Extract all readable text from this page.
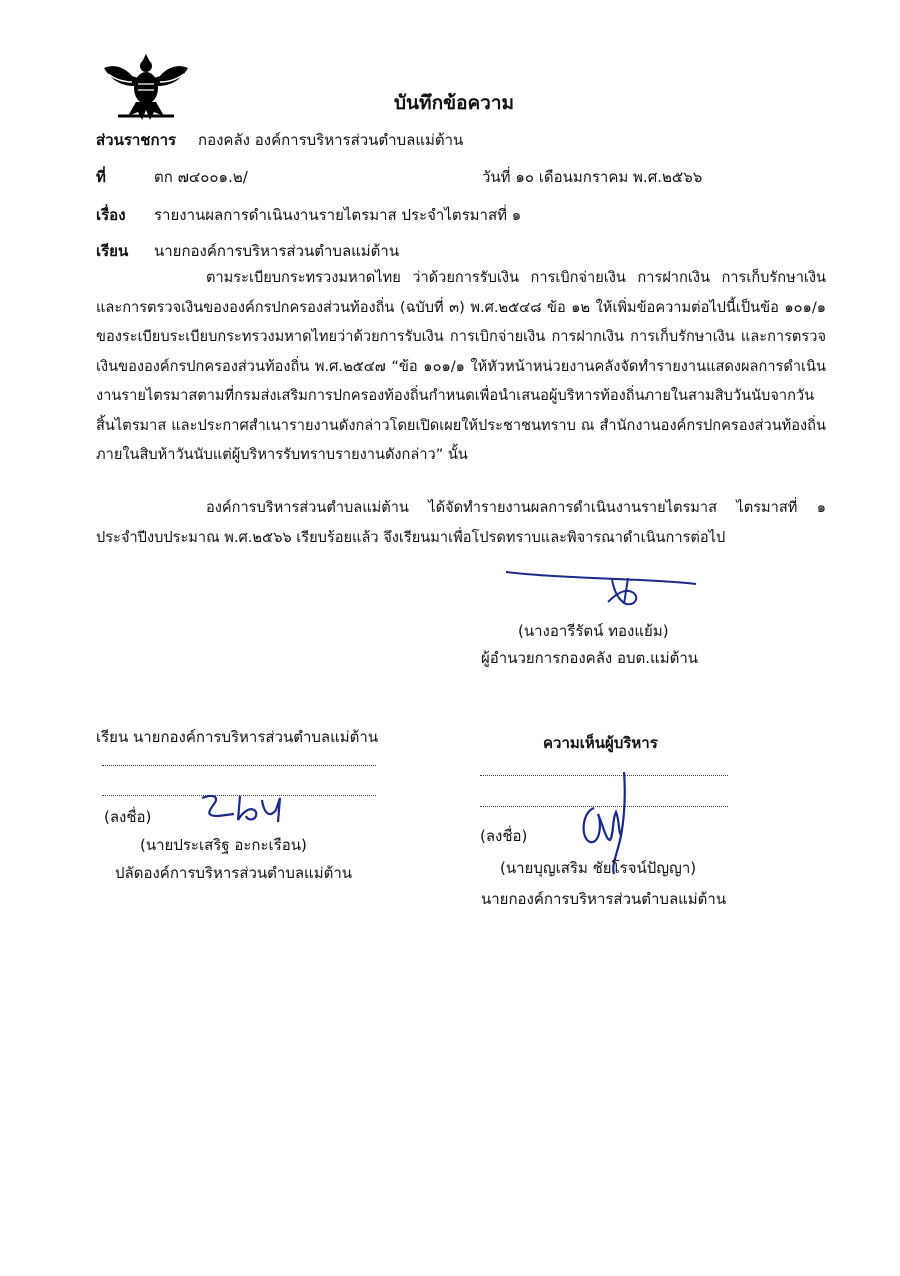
บันทึกข้อความ
ส่วนราชการ กองคลัง องค์การบริหารส่วนตำบลแม่ต้าน
ที่	ตก ๗๔๐๐๑.๒/	วันที่ ๑๐ เดือนมกราคม พ.ศ.๒๕๖๖
เรื่อง รายงานผลการดำเนินงานรายไตรมาส ประจำไตรมาสที่ ๑
เรียน นายกองค์การบริหารส่วนตำบลแม่ต้าน
ตามระเบียบกระทรวงมหาดไทย ว่าด้วยการรับเงิน การเบิกจ่ายเงิน การฝากเงิน การเก็บรักษาเงิน และการตรวจเงินขององค์กรปกครองส่วนท้องถิ่น (ฉบับที่ ๓) พ.ศ.๒๕๔๘ ข้อ ๑๒ ให้เพิ่มข้อความต่อไปนี้เป็นข้อ ๑๐๑/๑ ของระเบียบระเบียบกระทรวงมหาดไทยว่าด้วยการรับเงิน การเบิกจ่ายเงิน การฝากเงิน การเก็บรักษาเงิน และการตรวจเงินขององค์กรปกครองส่วนท้องถิ่น พ.ศ.๒๕๔๗ “ข้อ ๑๐๑/๑ ให้หัวหน้าหน่วยงานคลังจัดทำรายงานแสดงผลการดำเนินงานรายไตรมาสตามที่กรมส่งเสริมการปกครองท้องถิ่นกำหนดเพื่อนำเสนอผู้บริหารท้องถิ่นภายในสามสิบวันนับจากวันสิ้นไตรมาส และประกาศสำเนารายงานดังกล่าวโดยเปิดเผยให้ประชาชนทราบ ณ สำนักงานองค์กรปกครองส่วนท้องถิ่นภายในสิบห้าวันนับแต่ผู้บริหารรับทราบรายงานดังกล่าว” นั้น
องค์การบริหารส่วนตำบลแม่ต้าน ได้จัดทำรายงานผลการดำเนินงานรายไตรมาส ไตรมาสที่ ๑ ประจำปีงบประมาณ พ.ศ.๒๕๖๖ เรียบร้อยแล้ว จึงเรียนมาเพื่อโปรดทราบและพิจารณาดำเนินการต่อไป
(นางอารีรัตน์ ทองแย้ม)
ผู้อำนวยการกองคลัง อบต.แม่ต้าน
เรียน นายกองค์การบริหารส่วนตำบลแม่ต้าน
(ลงชื่อ)
(นายประเสริฐ อะกะเรือน)
ปลัดองค์การบริหารส่วนตำบลแม่ต้าน
ความเห็นผู้บริหาร
(ลงชื่อ)
(นายบุญเสริม ชัยโรจน์ปัญญา)
นายกองค์การบริหารส่วนตำบลแม่ต้าน
